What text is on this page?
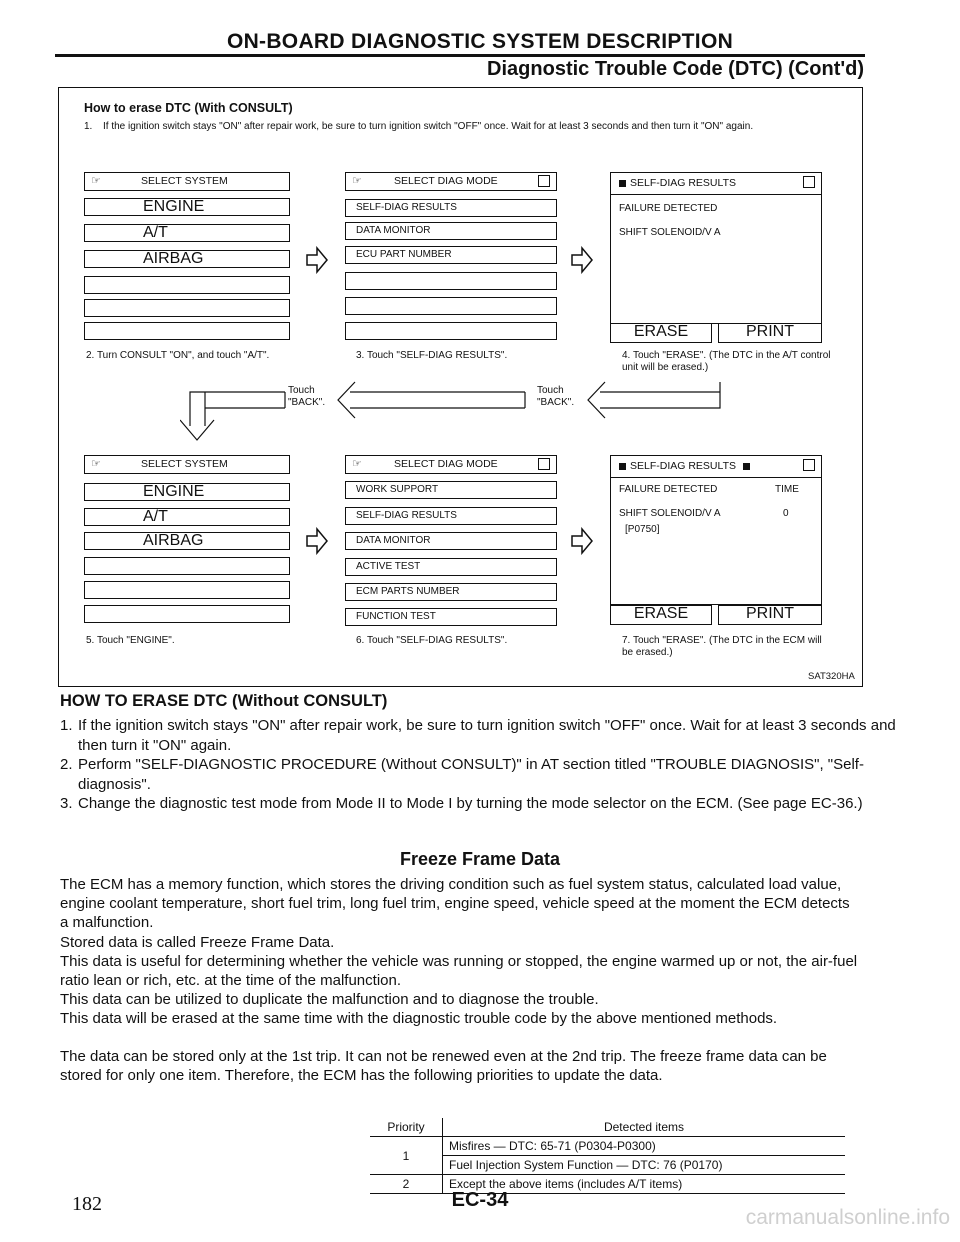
ON-BOARD DIAGNOSTIC SYSTEM DESCRIPTION
Diagnostic Trouble Code (DTC) (Cont'd)
How to erase DTC (With CONSULT)
1. If the ignition switch stays "ON" after repair work, be sure to turn ignition switch "OFF" once. Wait for at least 3 seconds and then turn it "ON" again.
☞	SELECT SYSTEM
ENGINE
A/T
AIRBAG
2. Turn CONSULT "ON", and touch "A/T".
☞	SELECT DIAG MODE
SELF-DIAG RESULTS
DATA MONITOR
ECU PART NUMBER
3. Touch "SELF-DIAG RESULTS".
SELF-DIAG RESULTS
FAILURE DETECTED
SHIFT SOLENOID/V A
ERASE	PRINT
4. Touch "ERASE". (The DTC in the A/T control unit will be erased.)
Touch "BACK".
Touch "BACK".
☞	SELECT SYSTEM
ENGINE
A/T
AIRBAG
5. Touch "ENGINE".
☞	SELECT DIAG MODE
WORK SUPPORT
SELF-DIAG RESULTS
DATA MONITOR
ACTIVE TEST
ECM PARTS NUMBER
FUNCTION TEST
6. Touch "SELF-DIAG RESULTS".
SELF-DIAG RESULTS
FAILURE DETECTED	TIME
SHIFT SOLENOID/V A	0
[P0750]
ERASE	PRINT
7. Touch "ERASE". (The DTC in the ECM will be erased.)
SAT320HA
HOW TO ERASE DTC (Without CONSULT)
1. If the ignition switch stays "ON" after repair work, be sure to turn ignition switch "OFF" once. Wait for at least 3 seconds and then turn it "ON" again.
2. Perform "SELF-DIAGNOSTIC PROCEDURE (Without CONSULT)" in AT section titled "TROUBLE DIAGNOSIS", "Self-diagnosis".
3. Change the diagnostic test mode from Mode II to Mode I by turning the mode selector on the ECM. (See page EC-36.)
Freeze Frame Data
The ECM has a memory function, which stores the driving condition such as fuel system status, calculated load value, engine coolant temperature, short fuel trim, long fuel trim, engine speed, vehicle speed at the moment the ECM detects a malfunction.
Stored data is called Freeze Frame Data.
This data is useful for determining whether the vehicle was running or stopped, the engine warmed up or not, the air-fuel ratio lean or rich, etc. at the time of the malfunction.
This data can be utilized to duplicate the malfunction and to diagnose the trouble.
This data will be erased at the same time with the diagnostic trouble code by the above mentioned methods.
The data can be stored only at the 1st trip. It can not be renewed even at the 2nd trip. The freeze frame data can be stored for only one item. Therefore, the ECM has the following priorities to update the data.
Priority	Detected items
1	Misfires — DTC: 65-71 (P0304-P0300)
	Fuel Injection System Function — DTC: 76 (P0170)
2	Except the above items (includes A/T items)
182	EC-34
carmanualsonline.info
